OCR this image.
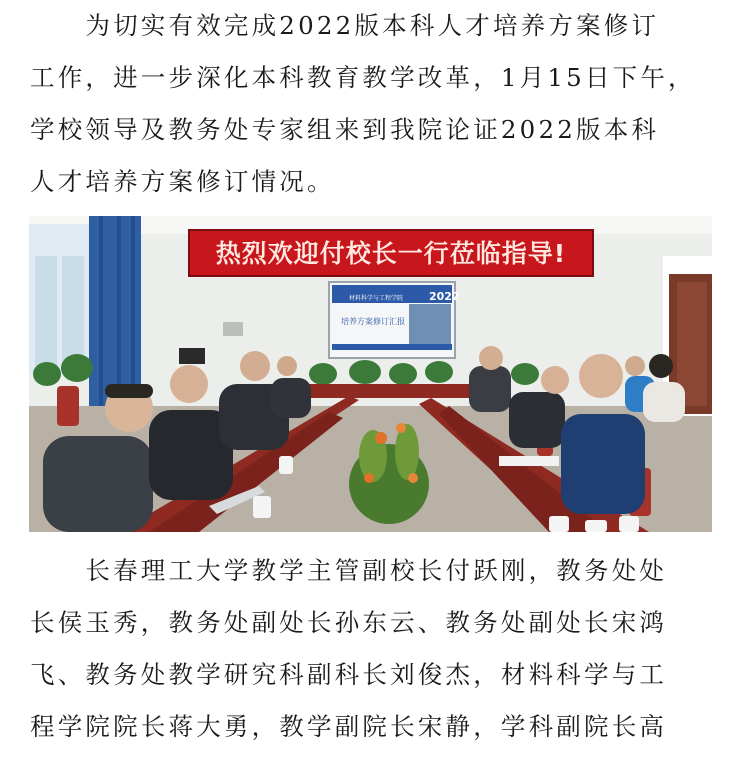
　　为切实有效完成2022版本科人才培养方案修订
工作，进一步深化本科教育教学改革，1月15日下午，
学校领导及教务处专家组来到我院论证2022版本科
人才培养方案修订情况。
热烈欢迎付校长一行莅临指导!
材料科学与工程学院 2022
培养方案修订汇报
　　长春理工大学教学主管副校长付跃刚，教务处处
长侯玉秀，教务处副处长孙东云、教务处副处长宋鸿
飞、教务处教学研究科副科长刘俊杰，材料科学与工
程学院院长蒋大勇，教学副院长宋静，学科副院长高
